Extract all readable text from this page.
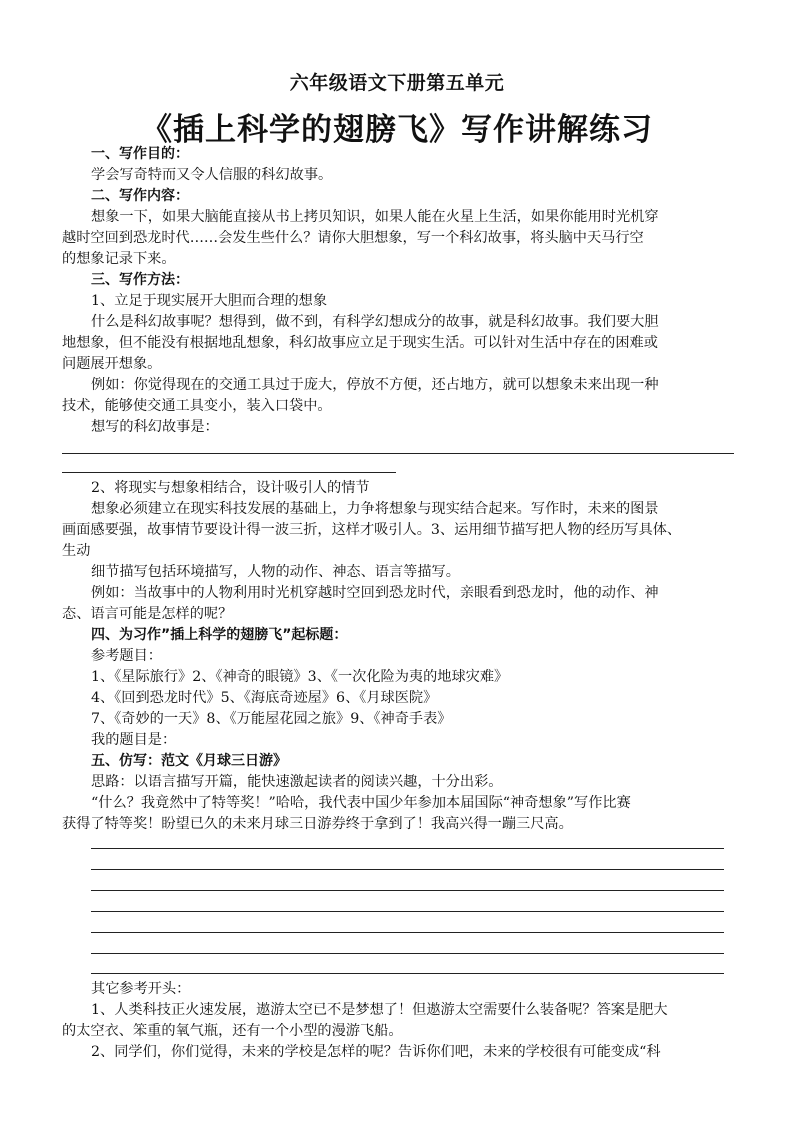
六年级语文下册第五单元
《插上科学的翅膀飞》写作讲解练习
一、写作目的：
学会写奇特而又令人信服的科幻故事。
二、写作内容：
想象一下，如果大脑能直接从书上拷贝知识，如果人能在火星上生活，如果你能用时光机穿
越时空回到恐龙时代……会发生些什么？请你大胆想象，写一个科幻故事，将头脑中天马行空
的想象记录下来。
三、写作方法：
1、立足于现实展开大胆而合理的想象
什么是科幻故事呢？想得到，做不到，有科学幻想成分的故事，就是科幻故事。我们要大胆
地想象，但不能没有根据地乱想象，科幻故事应立足于现实生活。可以针对生活中存在的困难或
问题展开想象。
例如：你觉得现在的交通工具过于庞大，停放不方便，还占地方，就可以想象未来出现一种
技术，能够使交通工具变小，装入口袋中。
想写的科幻故事是：
2、将现实与想象相结合，设计吸引人的情节
想象必须建立在现实科技发展的基础上，力争将想象与现实结合起来。写作时，未来的图景
画面感要强，故事情节要设计得一波三折，这样才吸引人。3、运用细节描写把人物的经历写具体、
生动
细节描写包括环境描写，人物的动作、神态、语言等描写。
例如：当故事中的人物利用时光机穿越时空回到恐龙时代，亲眼看到恐龙时，他的动作、神
态、语言可能是怎样的呢？
四、为习作”插上科学的翅膀飞”起标题：
参考题目：
1、《星际旅行》2、《神奇的眼镜》3、《一次化险为夷的地球灾难》
4、《回到恐龙时代》5、《海底奇迹屋》6、《月球医院》
7、《奇妙的一天》8、《万能屋花园之旅》9、《神奇手表》
我的题目是：
五、仿写：范文《月球三日游》
思路：以语言描写开篇，能快速激起读者的阅读兴趣，十分出彩。
“什么？我竟然中了特等奖！”哈哈，我代表中国少年参加本届国际“神奇想象”写作比赛
获得了特等奖！盼望已久的未来月球三日游券终于拿到了！我高兴得一蹦三尺高。
其它参考开头：
1、人类科技正火速发展，遨游太空已不是梦想了！但遨游太空需要什么装备呢？答案是肥大
的太空衣、笨重的氧气瓶，还有一个小型的漫游飞船。
2、同学们，你们觉得，未来的学校是怎样的呢？告诉你们吧，未来的学校很有可能变成“科
